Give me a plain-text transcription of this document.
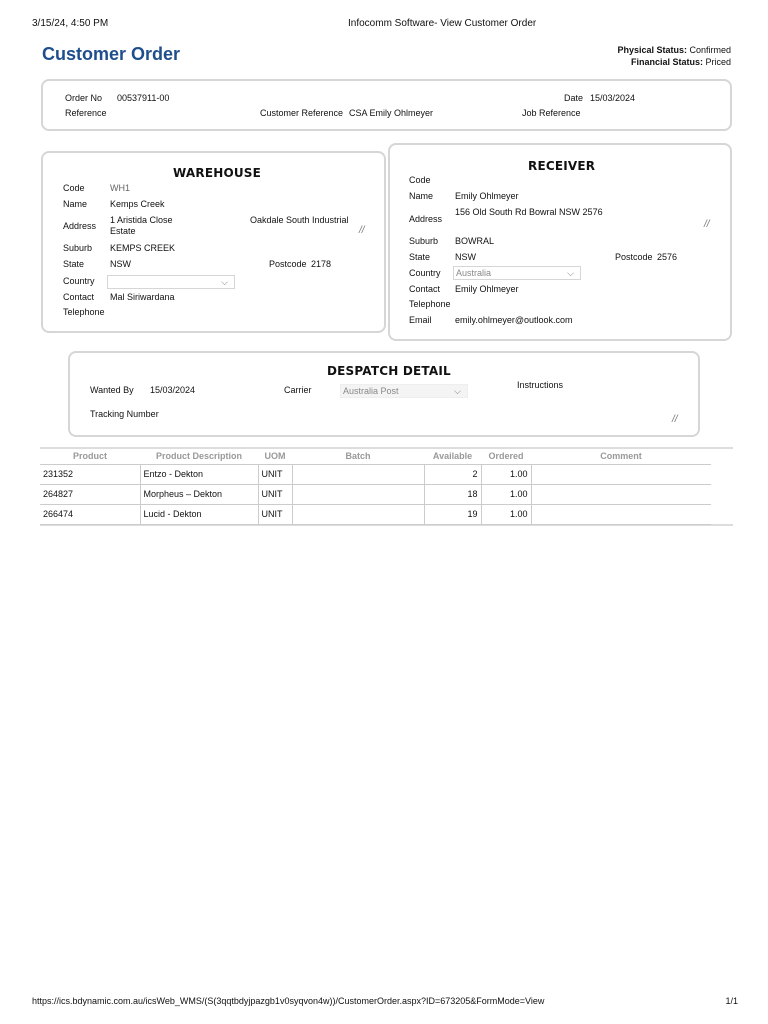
3/15/24, 4:50 PM	Infocomm Software- View Customer Order
Customer Order	Physical Status: Confirmed
Financial Status: Priced
Order No 00537911-00
Reference	Customer Reference CSA Emily Ohlmeyer
Date 15/03/2024
Job Reference
WAREHOUSE
Code	WH1
Name	Kemps Creek
Address
1 Aristida Close
Estate
Oakdale South Industrial
//
Suburb KEMPS CREEK
State	NSW	Postcode 2178
Country	⌵
Contact Mal Siriwardana
Telephone
RECEIVER
Code
Name Emily Ohlmeyer
Address
156 Old South Rd Bowral NSW 2576
//
Suburb BOWRAL
State	NSW	Postcode 2576
Country	Australia	⌵
Contact Emily Ohlmeyer
Telephone
Email	emily.ohlmeyer@outlook.com
DESPATCH DETAIL
Wanted By 15/03/2024	Carrier	Australia Post	⌵
Instructions
Tracking Number	//
Product	Product Description	UOM	Batch	Available	Ordered	Comment
231352	Entzo - Dekton	UNIT		2	1.00	
264827	Morpheus – Dekton	UNIT		18	1.00	
266474	Lucid - Dekton	UNIT		19	1.00	
https://ics.bdynamic.com.au/icsWeb_WMS/(S(3qqtbdyjpazgb1v0syqvon4w))/CustomerOrder.aspx?ID=673205&FormMode=View	1/1
